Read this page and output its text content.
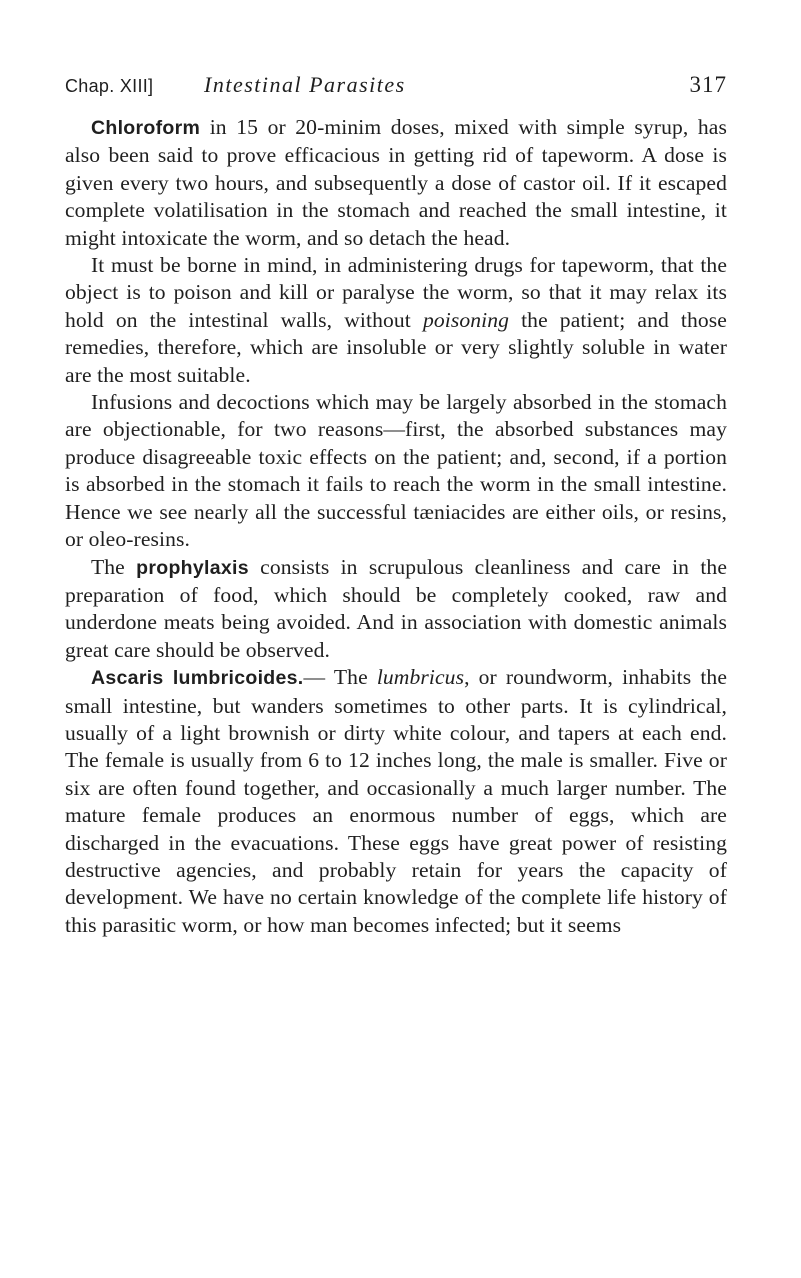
Chap. XIII] Intestinal Parasites	317

Chloroform in 15 or 20-minim doses, mixed with simple syrup, has also been said to prove efficacious in getting rid of tapeworm. A dose is given every two hours, and subsequently a dose of castor oil. If it escaped complete volatilisation in the stomach and reached the small intestine, it might intoxicate the worm, and so detach the head.

It must be borne in mind, in administering drugs for tapeworm, that the object is to poison and kill or paralyse the worm, so that it may relax its hold on the intestinal walls, without poisoning the patient; and those remedies, therefore, which are insoluble or very slightly soluble in water are the most suitable.

Infusions and decoctions which may be largely absorbed in the stomach are objectionable, for two reasons—first, the absorbed substances may produce disagreeable toxic effects on the patient; and, second, if a portion is absorbed in the stomach it fails to reach the worm in the small intestine. Hence we see nearly all the successful tæniacides are either oils, or resins, or oleo-resins.

The prophylaxis consists in scrupulous cleanliness and care in the preparation of food, which should be completely cooked, raw and underdone meats being avoided. And in association with domestic animals great care should be observed.

Ascaris lumbricoides.— The lumbricus, or roundworm, inhabits the small intestine, but wanders sometimes to other parts. It is cylindrical, usually of a light brownish or dirty white colour, and tapers at each end. The female is usually from 6 to 12 inches long, the male is smaller. Five or six are often found together, and occasionally a much larger number. The mature female produces an enormous number of eggs, which are discharged in the evacuations. These eggs have great power of resisting destructive agencies, and probably retain for years the capacity of development. We have no certain knowledge of the complete life history of this parasitic worm, or how man becomes infected; but it seems
